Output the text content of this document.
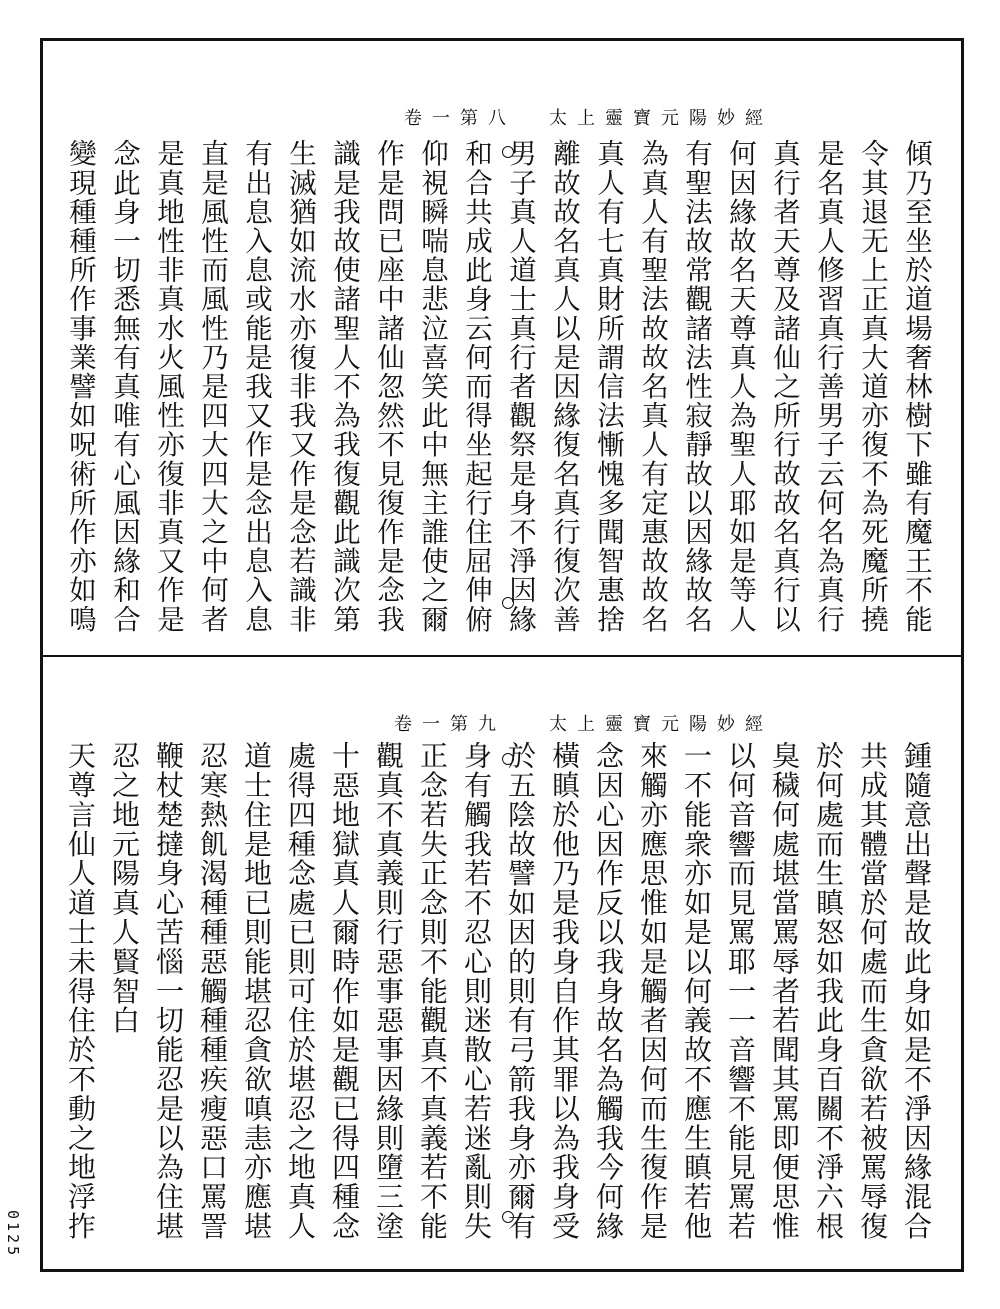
太上靈寶元陽妙經
卷一第八
傾乃至坐於道場奢林樹下雖有魔王不能
令其退无上正真大道亦復不為死魔所撓
是名真人修習真行善男子云何名為真行
真行者天尊及諸仙之所行故故名真行以
何因緣故名天尊真人為聖人耶如是等人
有聖法故常觀諸法性寂靜故以因緣故名
為真人有聖法故故名真人有定惠故故名
真人有七真財所謂信法慚愧多聞智惠捨
離故故名真人以是因緣復名真行復次善
男子真人道士真行者觀祭是身不淨因緣
和合共成此身云何而得坐起行住屈伸俯
仰視瞬喘息悲泣喜笑此中無主誰使之爾
作是問已座中諸仙忽然不見復作是念我
識是我故使諸聖人不為我復觀此識次第
生滅猶如流水亦復非我又作是念若識非
有出息入息或能是我又作是念出息入息
直是風性而風性乃是四大四大之中何者
是真地性非真水火風性亦復非真又作是
念此身一切悉無有真唯有心風因緣和合
變現種種所作事業譬如呪術所作亦如鳴
太上靈寶元陽妙經
卷一第九
鍾隨意出聲是故此身如是不淨因緣混合
共成其體當於何處而生貪欲若被罵辱復
於何處而生瞋怒如我此身百關不淨六根
臭穢何處堪當罵辱者若聞其罵即便思惟
以何音響而見罵耶一一音響不能見罵若
一不能衆亦如是以何義故不應生瞋若他
來觸亦應思惟如是觸者因何而生復作是
念因心因作反以我身故名為觸我今何緣
橫瞋於他乃是我身自作其罪以為我身受
於五陰故譬如因的則有弓箭我身亦爾有
身有觸我若不忍心則迷散心若迷亂則失
正念若失正念則不能觀真不真義若不能
觀真不真義則行惡事惡事因緣則墮三塗
十惡地獄真人爾時作如是觀已得四種念
處得四種念處已則可住於堪忍之地真人
道士住是地已則能堪忍貪欲嗔恚亦應堪
忍寒熱飢渴種種惡觸種種疾瘦惡口罵詈
鞭杖楚撻身心苦惱一切能忍是以為住堪
忍之地元陽真人賢智白
天尊言仙人道士未得住於不動之地浮拃
0125
